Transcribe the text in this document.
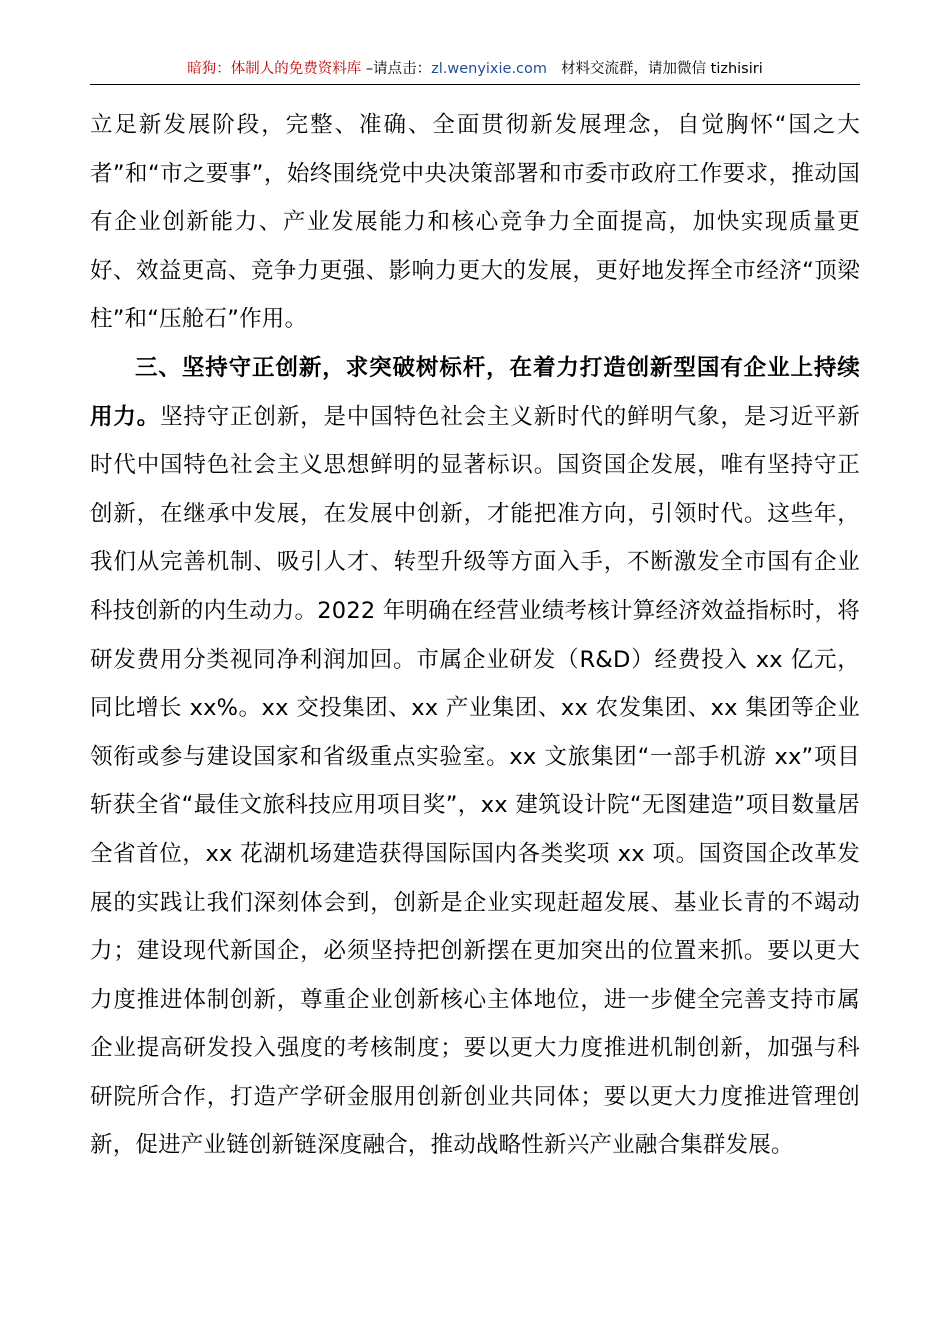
暗狗：体制人的免费资料库 –请点击：zl.wenyixie.com 材料交流群，请加微信 tizhisiri

立足新发展阶段，完整、准确、全面贯彻新发展理念，自觉胸怀“国之大者”和“市之要事”，始终围绕党中央决策部署和市委市政府工作要求，推动国有企业创新能力、产业发展能力和核心竞争力全面提高，加快实现质量更好、效益更高、竞争力更强、影响力更大的发展，更好地发挥全市经济“顶梁柱”和“压舱石”作用。

三、坚持守正创新，求突破树标杆，在着力打造创新型国有企业上持续用力。坚持守正创新，是中国特色社会主义新时代的鲜明气象，是习近平新时代中国特色社会主义思想鲜明的显著标识。国资国企发展，唯有坚持守正创新，在继承中发展，在发展中创新，才能把准方向，引领时代。这些年，我们从完善机制、吸引人才、转型升级等方面入手，不断激发全市国有企业科技创新的内生动力。2022 年明确在经营业绩考核计算经济效益指标时，将研发费用分类视同净利润加回。市属企业研发（R&D）经费投入 xx 亿元，同比增长 xx%。xx 交投集团、xx 产业集团、xx 农发集团、xx 集团等企业领衔或参与建设国家和省级重点实验室。xx 文旅集团“一部手机游 xx”项目斩获全省“最佳文旅科技应用项目奖”，xx 建筑设计院“无图建造”项目数量居全省首位，xx 花湖机场建造获得国际国内各类奖项 xx 项。国资国企改革发展的实践让我们深刻体会到，创新是企业实现赶超发展、基业长青的不竭动力；建设现代新国企，必须坚持把创新摆在更加突出的位置来抓。要以更大力度推进体制创新，尊重企业创新核心主体地位，进一步健全完善支持市属企业提高研发投入强度的考核制度；要以更大力度推进机制创新，加强与科研院所合作，打造产学研金服用创新创业共同体；要以更大力度推进管理创新，促进产业链创新链深度融合，推动战略性新兴产业融合集群发展。
